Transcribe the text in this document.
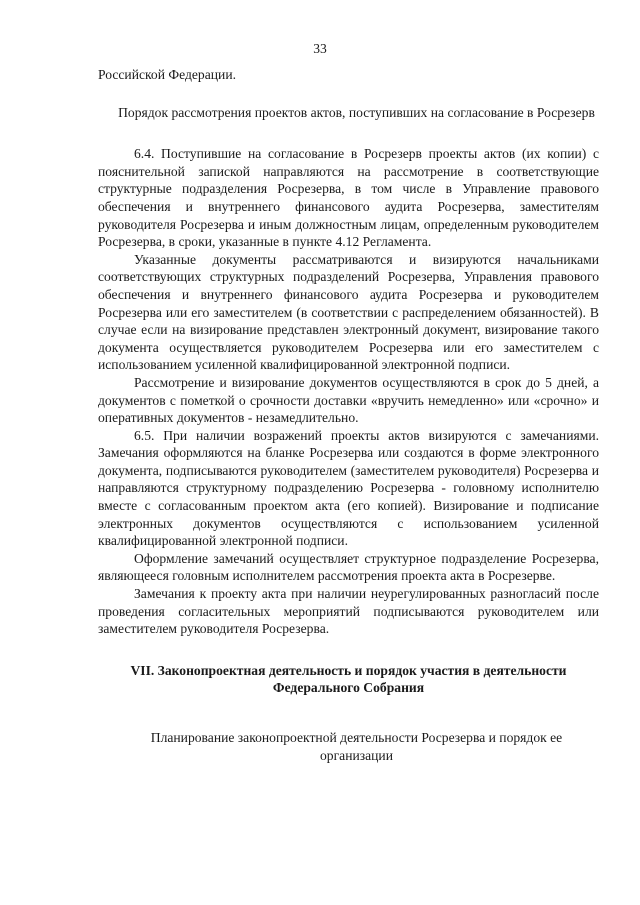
33

Российской Федерации.

Порядок рассмотрения проектов актов, поступивших на согласование в Росрезерв

6.4. Поступившие на согласование в Росрезерв проекты актов (их копии) с пояснительной запиской направляются на рассмотрение в соответствующие структурные подразделения Росрезерва, в том числе в Управление правового обеспечения и внутреннего финансового аудита Росрезерва, заместителям руководителя Росрезерва и иным должностным лицам, определенным руководителем Росрезерва, в сроки, указанные в пункте 4.12 Регламента.

Указанные документы рассматриваются и визируются начальниками соответствующих структурных подразделений Росрезерва, Управления правового обеспечения и внутреннего финансового аудита Росрезерва и руководителем Росрезерва или его заместителем (в соответствии с распределением обязанностей). В случае если на визирование представлен электронный документ, визирование такого документа осуществляется руководителем Росрезерва или его заместителем с использованием усиленной квалифицированной электронной подписи.

Рассмотрение и визирование документов осуществляются в срок до 5 дней, а документов с пометкой о срочности доставки «вручить немедленно» или «срочно» и оперативных документов - незамедлительно.

6.5. При наличии возражений проекты актов визируются с замечаниями. Замечания оформляются на бланке Росрезерва или создаются в форме электронного документа, подписываются руководителем (заместителем руководителя) Росрезерва и направляются структурному подразделению Росрезерва - головному исполнителю вместе с согласованным проектом акта (его копией). Визирование и подписание электронных документов осуществляются с использованием усиленной квалифицированной электронной подписи.

Оформление замечаний осуществляет структурное подразделение Росрезерва, являющееся головным исполнителем рассмотрения проекта акта в Росрезерве.

Замечания к проекту акта при наличии неурегулированных разногласий после проведения согласительных мероприятий подписываются руководителем или заместителем руководителя Росрезерва.

VII. Законопроектная деятельность и порядок участия в деятельности Федерального Собрания

Планирование законопроектной деятельности Росрезерва и порядок ее организации
